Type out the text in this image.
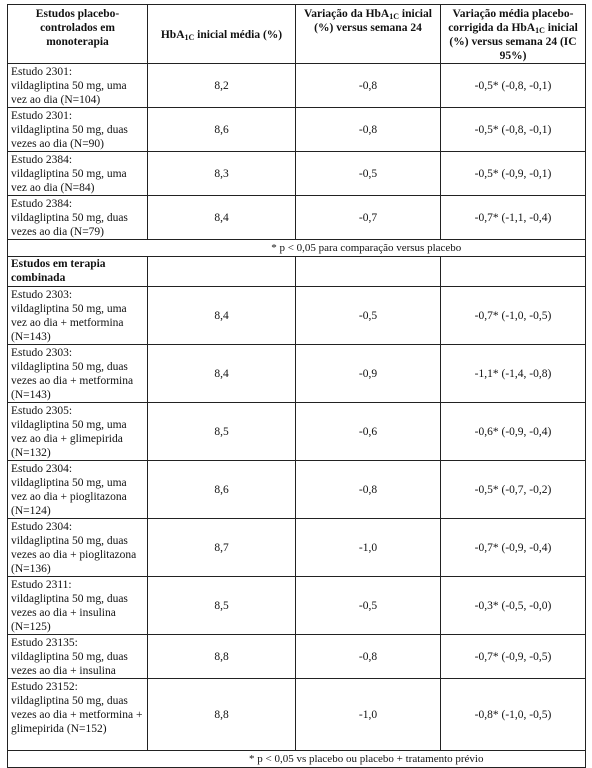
Estudos placebo-controlados em monoterapia	HbA$_{1C}$ inicial média (%)	Variação da HbA$_{1C}$ inicial (%) versus semana 24	Variação média placebo-corrigida da HbA$_{1C}$ inicial (%) versus semana 24 (IC 95%)
Estudo 2301:
vildagliptina 50 mg, uma vez ao dia (N=104)	8,2	-0,8	-0,5* (-0,8, -0,1)
Estudo 2301:
vildagliptina 50 mg, duas vezes ao dia (N=90)	8,6	-0,8	-0,5* (-0,8, -0,1)
Estudo 2384:
vildagliptina 50 mg, uma vez ao dia (N=84)	8,3	-0,5	-0,5* (-0,9, -0,1)
Estudo 2384:
vildagliptina 50 mg, duas vezes ao dia (N=79)	8,4	-0,7	-0,7* (-1,1, -0,4)
	* p < 0,05 para comparação versus placebo		
Estudos em terapia combinada			
Estudo 2303:
vildagliptina 50 mg, uma vez ao dia + metformina (N=143)	8,4	-0,5	-0,7* (-1,0, -0,5)
Estudo 2303:
vildagliptina 50 mg, duas vezes ao dia + metformina (N=143)	8,4	-0,9	-1,1* (-1,4, -0,8)
Estudo 2305:
vildagliptina 50 mg, uma vez ao dia + glimepirida (N=132)	8,5	-0,6	-0,6* (-0,9, -0,4)
Estudo 2304:
vildagliptina 50 mg, uma vez ao dia + pioglitazona (N=124)	8,6	-0,8	-0,5* (-0,7, -0,2)
Estudo 2304:
vildagliptina 50 mg, duas vezes ao dia + pioglitazona (N=136)	8,7	-1,0	-0,7* (-0,9, -0,4)
Estudo 2311:
vildagliptina 50 mg, duas vezes ao dia + insulina (N=125)	8,5	-0,5	-0,3* (-0,5, -0,0)
Estudo 23135:
vildagliptina 50 mg, duas vezes ao dia + insulina	8,8	-0,8	-0,7* (-0,9, -0,5)
Estudo 23152:
vildagliptina 50 mg, duas vezes ao dia + metformina + glimepirida (N=152)	8,8	-1,0	-0,8* (-1,0, -0,5)
	* p < 0,05 vs placebo ou placebo + tratamento prévio		
